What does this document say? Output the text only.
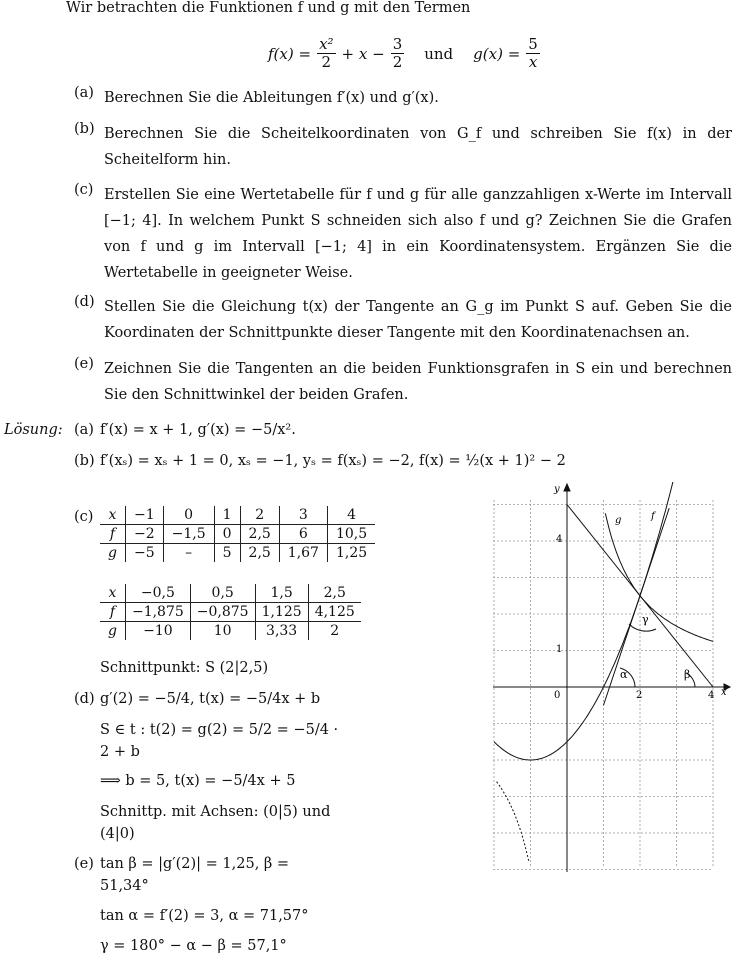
Wir betrachten die Funktionen f und g mit den Termen
$f(x) = \frac{\text{x²}}{2} + x - \frac{3}{2}$ und $g(x) = \frac{5}{x}$
(a) Berechnen Sie die Ableitungen f′(x) und g′(x).
(b) Berechnen Sie die Scheitelkoordinaten von G_f und schreiben Sie f(x) in der Scheitelform hin.
(c) Erstellen Sie eine Wertetabelle für f und g für alle ganzzahligen x-Werte im Intervall [−1; 4]. In welchem Punkt S schneiden sich also f und g? Zeichnen Sie die Grafen von f und g im Intervall [−1; 4] in ein Koordinatensystem. Ergänzen Sie die Wertetabelle in geeigneter Weise.
(d) Stellen Sie die Gleichung t(x) der Tangente an G_g im Punkt S auf. Geben Sie die Koordinaten der Schnittpunkte dieser Tangente mit den Koordinatenachsen an.
(e) Zeichnen Sie die Tangenten an die beiden Funktionsgrafen in S ein und berechnen Sie den Schnittwinkel der beiden Grafen.
Lösung: (a) f′(x) = x + 1, g′(x) = −5/x².
(b) f′(xₛ) = xₛ + 1 = 0, xₛ = −1, yₛ = f(xₛ) = −2, f(x) = ½(x + 1)² − 2
(c) x	−1	0	1	2	3	4
f	−2	−1,5	0	2,5	6	10,5
g	−5	–	5	2,5	1,67	1,25
x	−0,5	0,5	1,5	2,5
f	−1,875	−0,875	1,125	4,125
g	−10	10	3,33	2
Schnittpunkt: S (2|2,5)
(d) g′(2) = −5/4, t(x) = −5/4x + b
S ∈ t : t(2) = g(2) = 5/2 = −5/4 ·
2 + b
⟹ b = 5, t(x) = −5/4x + 5
Schnittp. mit Achsen: (0|5) und
(4|0)
(e) tan β = |g′(2)| = 1,25, β =
51,34°
tan α = f′(2) = 3, α = 71,57°
γ = 180° − α − β = 57,1°
y
x
0	2	4
1
4
g	f
α	β
γ
